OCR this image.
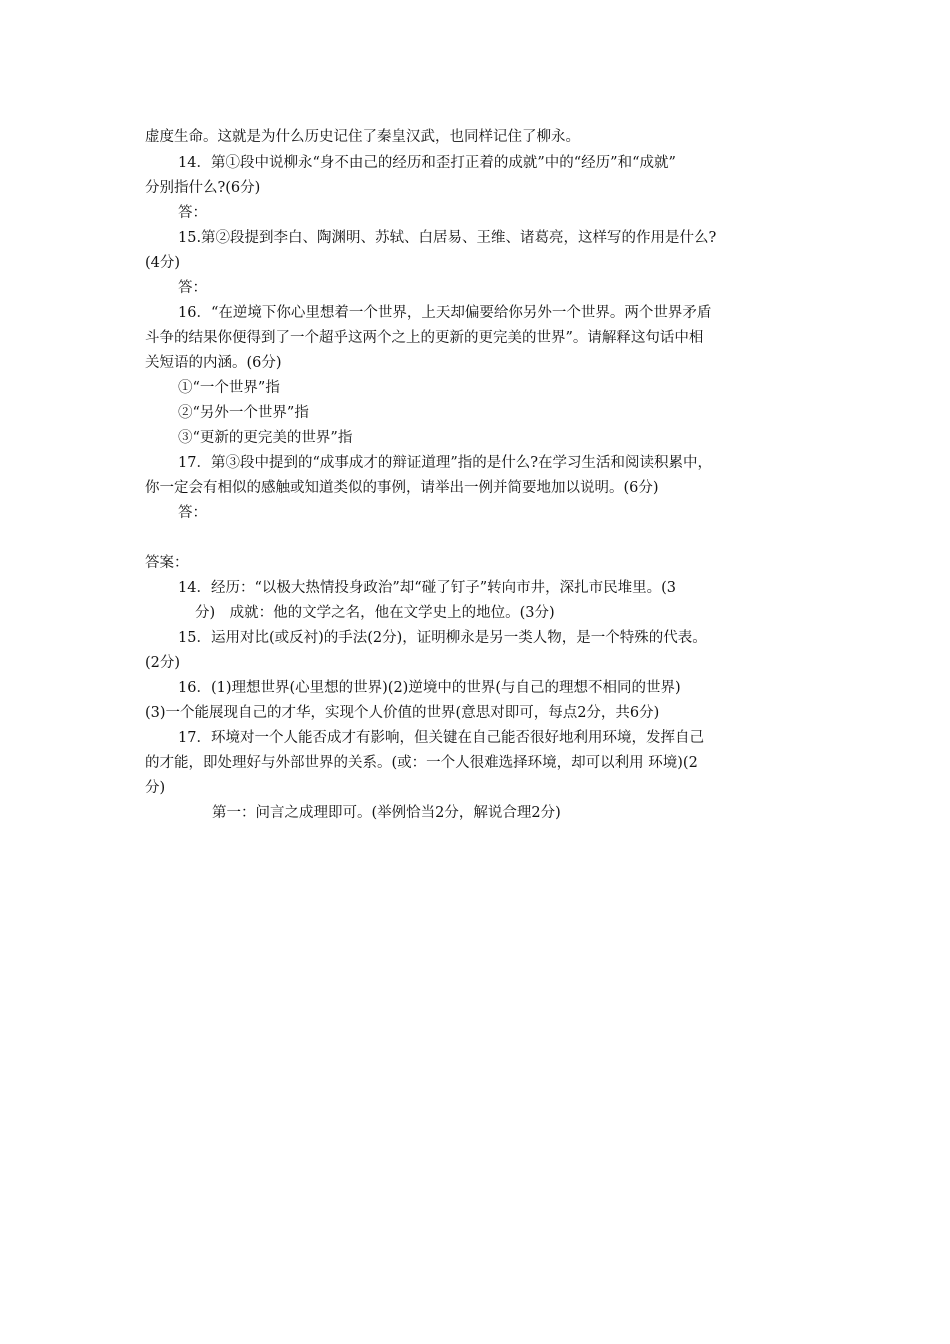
虚度生命。这就是为什么历史记住了秦皇汉武，也同样记住了柳永。
14．第①段中说柳永“身不由己的经历和歪打正着的成就”中的“经历”和“成就”
分别指什么?(6分)
答：
15.第②段提到李白、陶渊明、苏轼、白居易、王维、诸葛亮，这样写的作用是什么?
(4分)
答：
16．“在逆境下你心里想着一个世界，上天却偏要给你另外一个世界。两个世界矛盾
斗争的结果你便得到了一个超乎这两个之上的更新的更完美的世界”。请解释这句话中相
关短语的内涵。(6分)
①“一个世界”指
②“另外一个世界”指
③“更新的更完美的世界”指
17．第③段中提到的“成事成才的辩证道理”指的是什么?在学习生活和阅读积累中，
你一定会有相似的感触或知道类似的事例，请举出一例并简要地加以说明。(6分)
答：
答案：
14．经历：“以极大热情投身政治”却“碰了钉子”转向市井，深扎市民堆里。(3
分)　成就：他的文学之名，他在文学史上的地位。(3分)
15．运用对比(或反衬)的手法(2分)，证明柳永是另一类人物，是一个特殊的代表。
(2分)
16．(1)理想世界(心里想的世界)(2)逆境中的世界(与自己的理想不相同的世界)
(3)一个能展现自己的才华，实现个人价值的世界(意思对即可，每点2分，共6分)
17．环境对一个人能否成才有影响，但关键在自己能否很好地利用环境，发挥自己
的才能，即处理好与外部世界的关系。(或：一个人很难选择环境，却可以利用 环境)(2
分)
第一：问言之成理即可。(举例恰当2分，解说合理2分)
